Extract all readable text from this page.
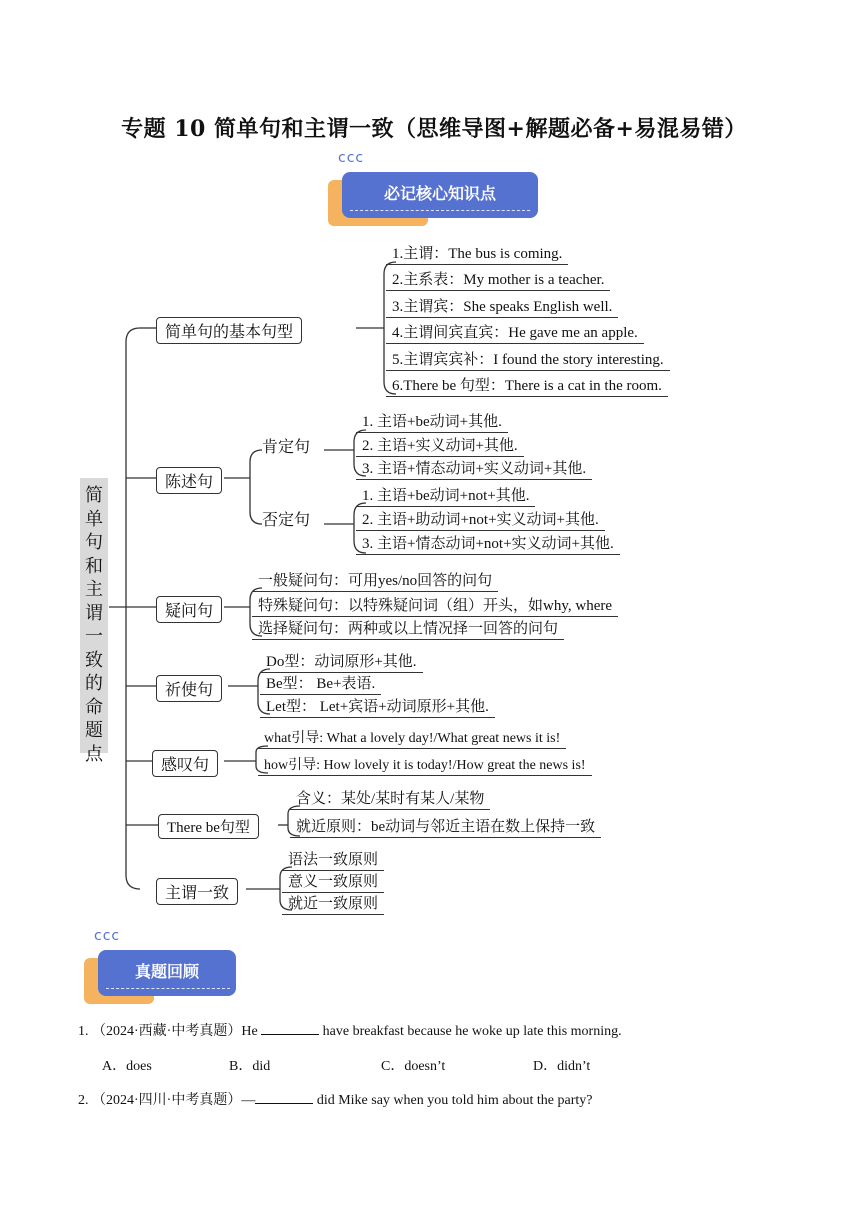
专题 10 简单句和主谓一致（思维导图+解题必备+易混易错）
ccc
必记核心知识点
简单句和主谓一致的命题点
简单句的基本句型
1.主谓：The bus is coming.
2.主系表：My mother is a teacher.
3.主谓宾：She speaks English well.
4.主谓间宾直宾：He gave me an apple.
5.主谓宾宾补：I found the story interesting.
6.There be 句型：There is a cat in the room.
陈述句
肯定句
1. 主语+be动词+其他.
2. 主语+实义动词+其他.
3. 主语+情态动词+实义动词+其他.
否定句
1. 主语+be动词+not+其他.
2. 主语+助动词+not+实义动词+其他.
3. 主语+情态动词+not+实义动词+其他.
疑问句
一般疑问句：可用yes/no回答的问句
特殊疑问句：以特殊疑问词（组）开头，如why, where
选择疑问句：两种或以上情况择一回答的问句
祈使句
Do型：动词原形+其他.
Be型： Be+表语.
Let型： Let+宾语+动词原形+其他.
感叹句
what引导: What a lovely day!/What great news it is!
how引导: How lovely it is today!/How great the news is!
There be句型
含义：某处/某时有某人/某物
就近原则：be动词与邻近主语在数上保持一致
主谓一致
语法一致原则
意义一致原则
就近一致原则
ccc
真题回顾
1. （2024·西藏·中考真题）He	have breakfast because he woke up late this morning.
A．does	B．did	C．doesn’t	D．didn’t
2. （2024·四川·中考真题）—	did Mike say when you told him about the party?
